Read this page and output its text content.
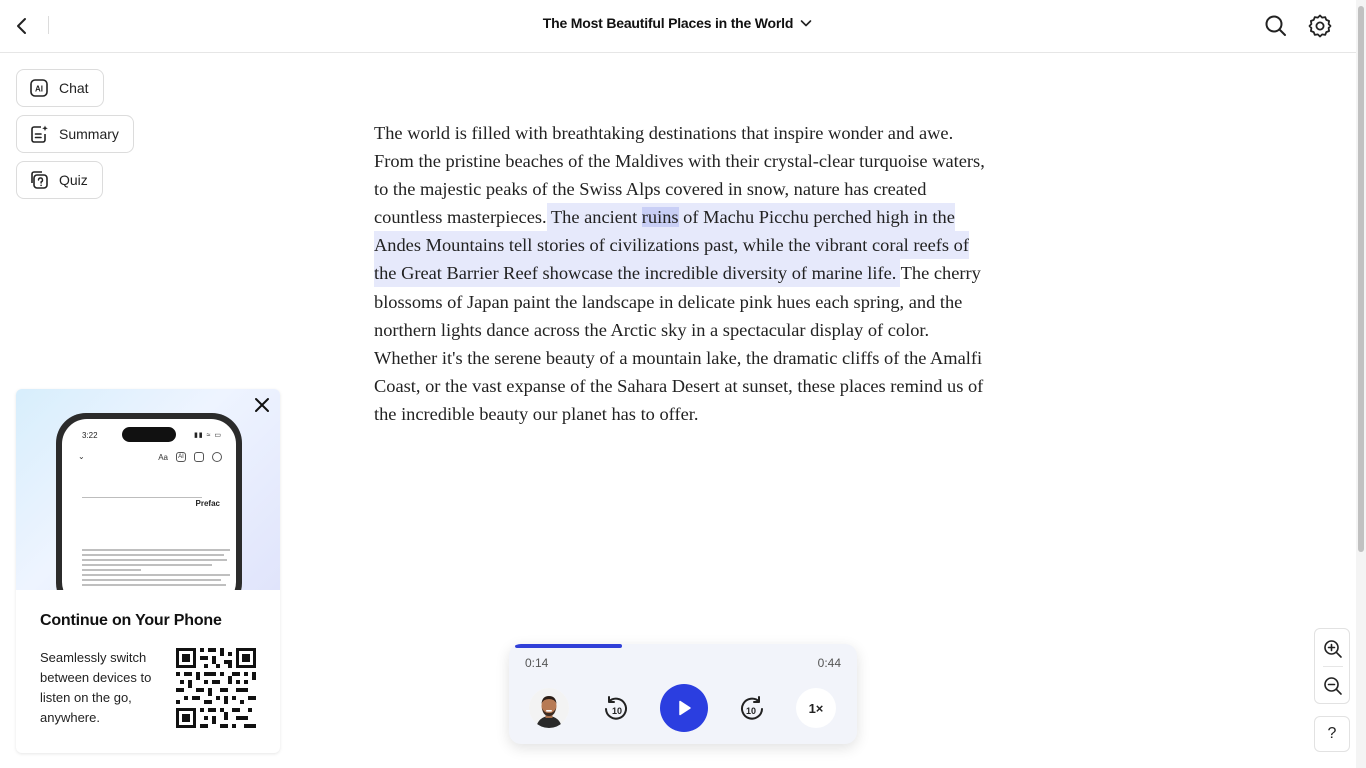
The Most Beautiful Places in the World
AI Chat
Summary
Quiz
The world is filled with breathtaking destinations that inspire wonder and awe. From the pristine beaches of the Maldives with their crystal-clear turquoise waters, to the majestic peaks of the Swiss Alps covered in snow, nature has created countless masterpieces. The ancient ruins of Machu Picchu perched high in the Andes Mountains tell stories of civilizations past, while the vibrant coral reefs of the Great Barrier Reef showcase the incredible diversity of marine life. The cherry blossoms of Japan paint the landscape in delicate pink hues each spring, and the northern lights dance across the Arctic sky in a spectacular display of color. Whether it's the serene beauty of a mountain lake, the dramatic cliffs of the Amalfi Coast, or the vast expanse of the Sahara Desert at sunset, these places remind us of the incredible beauty our planet has to offer.
3:22	▮▮ ≈ ▭
⌄	Aa	AI
Prefac
Continue on Your Phone
Seamlessly switch between devices to listen on the go, anywhere.
0:14	0:44
10	10	1×
?
